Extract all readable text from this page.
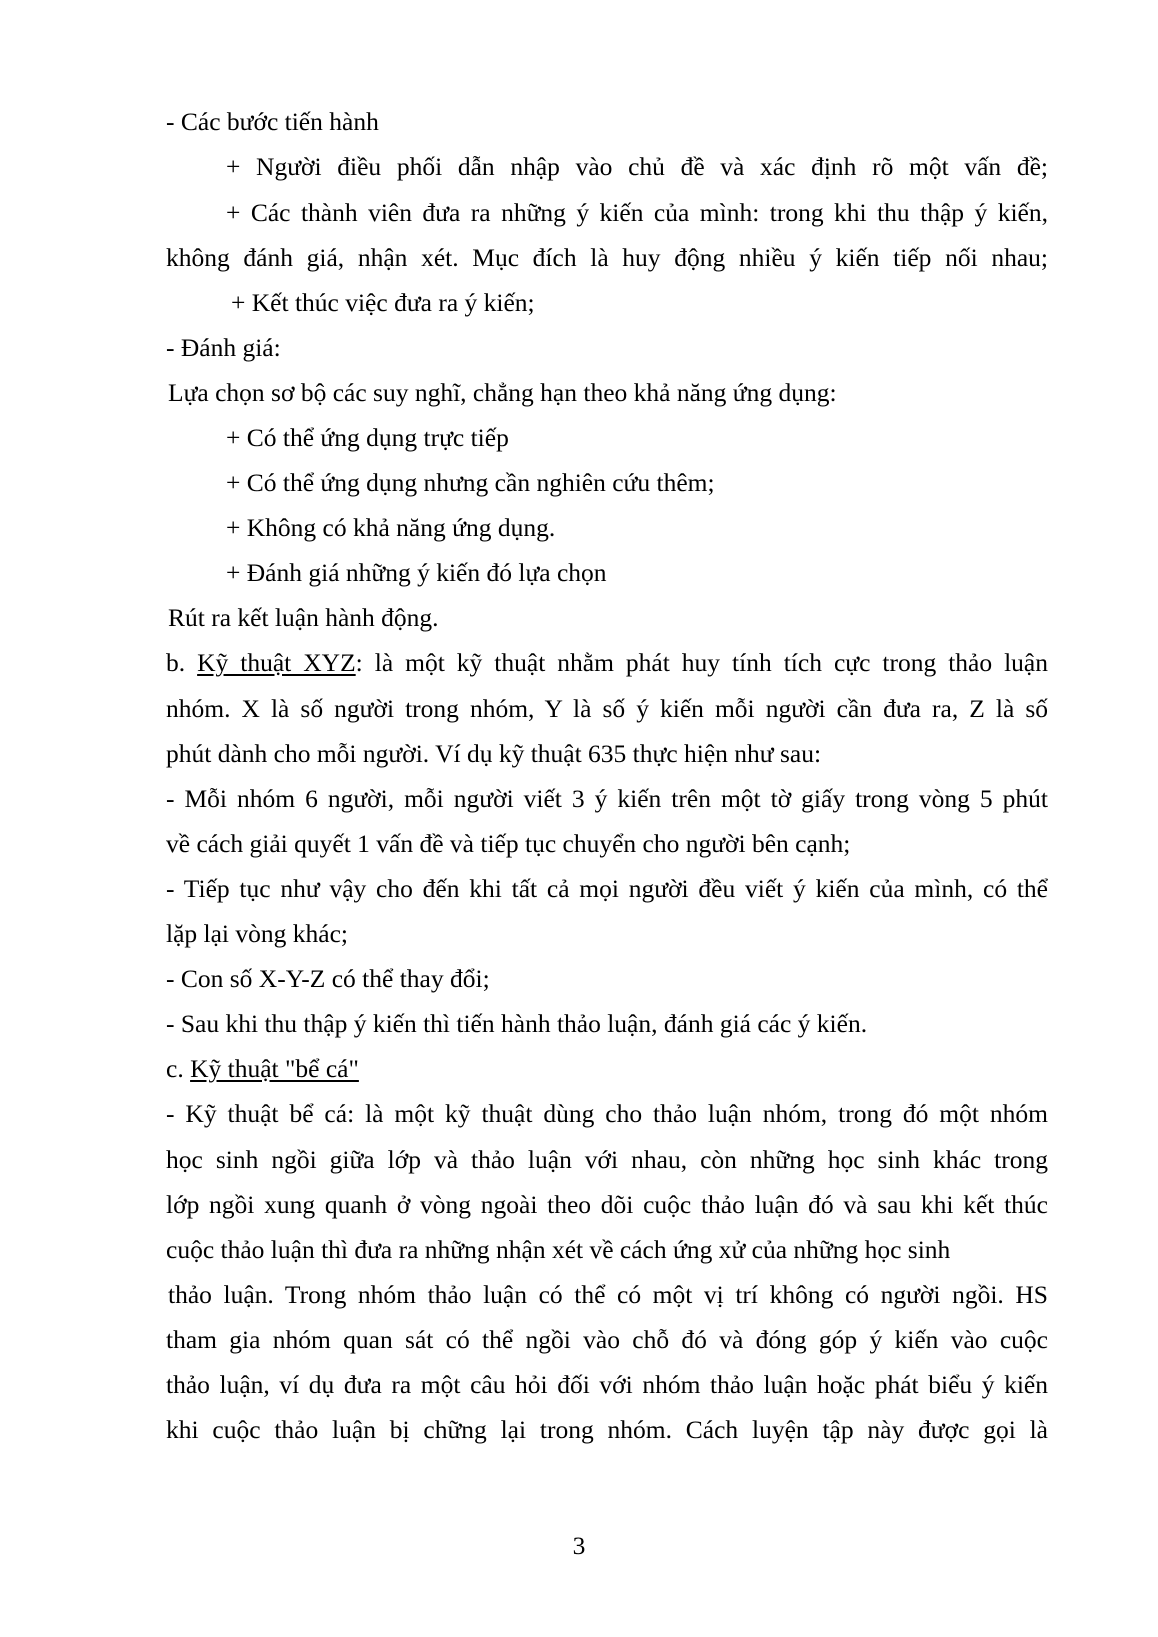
- Các bước tiến hành

+ Người điều phối dẫn nhập vào chủ đề và xác định rõ một vấn đề;

+ Các thành viên đưa ra những ý kiến của mình: trong khi thu thập ý kiến,

không đánh giá, nhận xét. Mục đích là huy động nhiều ý kiến tiếp nối nhau;

+ Kết thúc việc đưa ra ý kiến;

- Đánh giá:

Lựa chọn sơ bộ các suy nghĩ, chẳng hạn theo khả năng ứng dụng:

+ Có thể ứng dụng trực tiếp

+ Có thể ứng dụng nhưng cần nghiên cứu thêm;

+ Không có khả năng ứng dụng.

+ Đánh giá những ý kiến đó lựa chọn

Rút ra kết luận hành động.

b. Kỹ thuật XYZ: là một kỹ thuật nhằm phát huy tính tích cực trong thảo luận

nhóm. X là số người trong nhóm, Y là số ý kiến mỗi người cần đưa ra, Z là số

phút dành cho mỗi người. Ví dụ kỹ thuật 635 thực hiện như sau:

- Mỗi nhóm 6 người, mỗi người viết 3 ý kiến trên một tờ giấy trong vòng 5 phút

về cách giải quyết 1 vấn đề và tiếp tục chuyển cho người bên cạnh;

- Tiếp tục như vậy cho đến khi tất cả mọi người đều viết ý kiến của mình, có thể

lặp lại vòng khác;

- Con số X-Y-Z có thể thay đổi;

- Sau khi thu thập ý kiến thì tiến hành thảo luận, đánh giá các ý kiến.

c. Kỹ thuật "bể cá"

- Kỹ thuật bể cá: là một kỹ thuật dùng cho thảo luận nhóm, trong đó một nhóm

học sinh ngồi giữa lớp và thảo luận với nhau, còn những học sinh khác trong

lớp ngồi xung quanh ở vòng ngoài theo dõi cuộc thảo luận đó và sau khi kết thúc

cuộc thảo luận thì đưa ra những nhận xét về cách ứng xử của những học sinh

thảo luận. Trong nhóm thảo luận có thể có một vị trí không có người ngồi. HS

tham gia nhóm quan sát có thể ngồi vào chỗ đó và đóng góp ý kiến vào cuộc

thảo luận, ví dụ đưa ra một câu hỏi đối với nhóm thảo luận hoặc phát biểu ý kiến

khi cuộc thảo luận bị chững lại trong nhóm. Cách luyện tập này được gọi là

3
